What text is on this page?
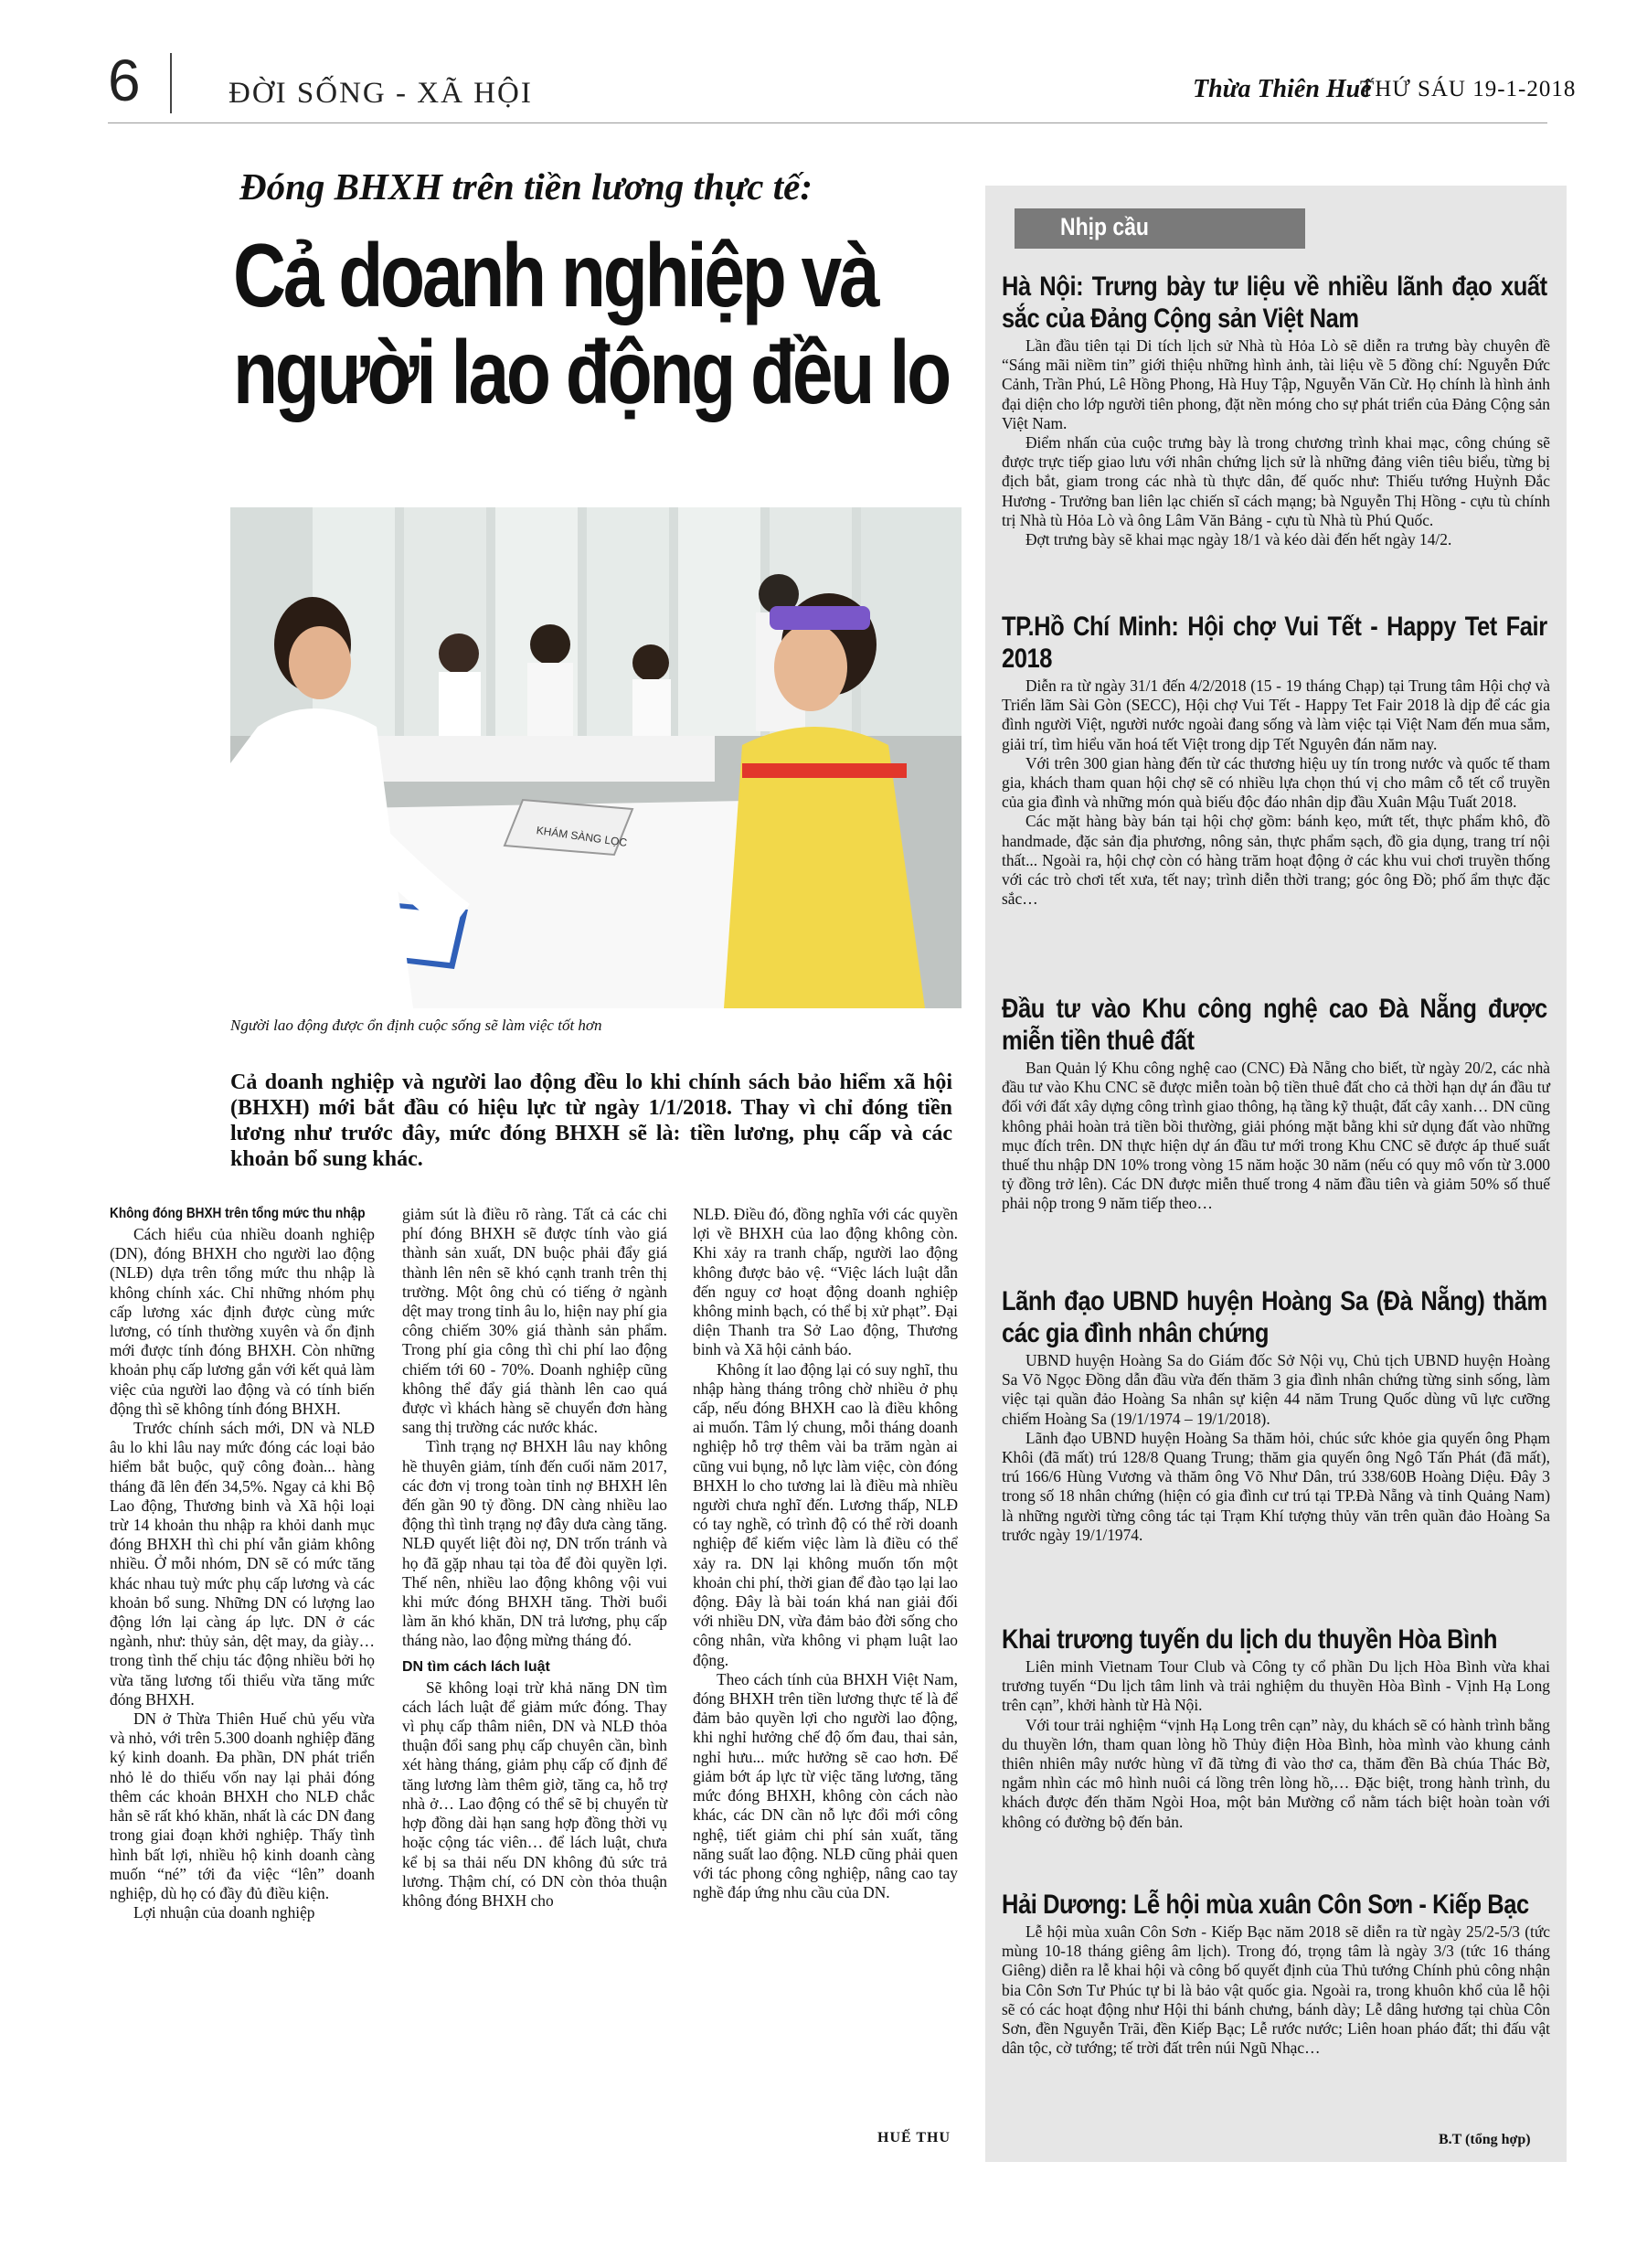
6	ĐỜI SỐNG - XÃ HỘI	Thừa Thiên Huế
THỨ SÁU 19-1-2018
Đóng BHXH trên tiền lương thực tế:
Cả doanh nghiệp và
người lao động đều lo
KHÁM SÀNG LỌC
Người lao động được ổn định cuộc sống sẽ làm việc tốt hơn
Cả doanh nghiệp và người lao động đều lo khi chính sách bảo hiểm xã hội (BHXH) mới bắt đầu có hiệu lực từ ngày 1/1/2018. Thay vì chỉ đóng tiền lương như trước đây, mức đóng BHXH sẽ là: tiền lương, phụ cấp và các khoản bổ sung khác.
Không đóng BHXH trên tổng mức thu nhập

Cách hiểu của nhiều doanh nghiệp (DN), đóng BHXH cho người lao động (NLĐ) dựa trên tổng mức thu nhập là không chính xác. Chỉ những nhóm phụ cấp lương xác định được cùng mức lương, có tính thường xuyên và ổn định mới được tính đóng BHXH. Còn những khoản phụ cấp lương gắn với kết quả làm việc của người lao động và có tính biến động thì sẽ không tính đóng BHXH.

Trước chính sách mới, DN và NLĐ âu lo khi lâu nay mức đóng các loại bảo hiểm bắt buộc, quỹ công đoàn... hàng tháng đã lên đến 34,5%. Ngay cả khi Bộ Lao động, Thương binh và Xã hội loại trừ 14 khoản thu nhập ra khỏi danh mục đóng BHXH thì chi phí vẫn giảm không nhiều. Ở mỗi nhóm, DN sẽ có mức tăng khác nhau tuỳ mức phụ cấp lương và các khoản bổ sung. Những DN có lượng lao động lớn lại càng áp lực. DN ở các ngành, như: thủy sản, dệt may, da giày…trong tình thế chịu tác động nhiều bởi họ vừa tăng lương tối thiểu vừa tăng mức đóng BHXH.

DN ở Thừa Thiên Huế chủ yếu vừa và nhỏ, với trên 5.300 doanh nghiệp đăng ký kinh doanh. Đa phần, DN phát triển nhỏ lẻ do thiếu vốn nay lại phải đóng thêm các khoản BHXH cho NLĐ chắc hẳn sẽ rất khó khăn, nhất là các DN đang trong giai đoạn khởi nghiệp. Thấy tình hình bất lợi, nhiều hộ kinh doanh càng muốn “né” tới đa việc “lên” doanh nghiệp, dù họ có đầy đủ điều kiện.

Lợi nhuận của doanh nghiệp

giảm sút là điều rõ ràng. Tất cả các chi phí đóng BHXH sẽ được tính vào giá thành sản xuất, DN buộc phải đẩy giá thành lên nên sẽ khó cạnh tranh trên thị trường. Một ông chủ có tiếng ở ngành dệt may trong tỉnh âu lo, hiện nay phí gia công chiếm 30% giá thành sản phẩm. Trong phí gia công thì chi phí lao động chiếm tới 60 - 70%. Doanh nghiệp cũng không thể đẩy giá thành lên cao quá được vì khách hàng sẽ chuyển đơn hàng sang thị trường các nước khác.

Tình trạng nợ BHXH lâu nay không hề thuyên giảm, tính đến cuối năm 2017, các đơn vị trong toàn tỉnh nợ BHXH lên đến gần 90 tỷ đồng. DN càng nhiều lao động thì tình trạng nợ đây dưa càng tăng. NLĐ quyết liệt đòi nợ, DN trốn tránh và họ đã gặp nhau tại tòa để đòi quyền lợi. Thế nên, nhiều lao động không vội vui khi mức đóng BHXH tăng. Thời buổi làm ăn khó khăn, DN trả lương, phụ cấp tháng nào, lao động mừng tháng đó.

DN tìm cách lách luật

Sẽ không loại trừ khả năng DN tìm cách lách luật để giảm mức đóng. Thay vì phụ cấp thâm niên, DN và NLĐ thỏa thuận đổi sang phụ cấp chuyên cần, bình xét hàng tháng, giảm phụ cấp cố định để tăng lương làm thêm giờ, tăng ca, hỗ trợ nhà ở… Lao động có thể sẽ bị chuyển từ hợp đồng dài hạn sang hợp đồng thời vụ hoặc cộng tác viên… để lách luật, chưa kể bị sa thải nếu DN không đủ sức trả lương. Thậm chí, có DN còn thỏa thuận không đóng BHXH cho

NLĐ. Điều đó, đồng nghĩa với các quyền lợi về BHXH của lao động không còn. Khi xảy ra tranh chấp, người lao động không được bảo vệ. “Việc lách luật dẫn đến nguy cơ hoạt động doanh nghiệp không minh bạch, có thể bị xử phạt”. Đại diện Thanh tra Sở Lao động, Thương binh và Xã hội cảnh báo.

Không ít lao động lại có suy nghĩ, thu nhập hàng tháng trông chờ nhiều ở phụ cấp, nếu đóng BHXH cao là điều không ai muốn. Tâm lý chung, mỗi tháng doanh nghiệp hỗ trợ thêm vài ba trăm ngàn ai cũng vui bụng, nỗ lực làm việc, còn đóng BHXH lo cho tương lai là điều mà nhiều người chưa nghĩ đến. Lương thấp, NLĐ có tay nghề, có trình độ có thể rời doanh nghiệp để kiếm việc làm là điều có thể xảy ra. DN lại không muốn tốn một khoản chi phí, thời gian để đào tạo lại lao động. Đây là bài toán khá nan giải đối với nhiều DN, vừa đảm bảo đời sống cho công nhân, vừa không vi phạm luật lao động.

Theo cách tính của BHXH Việt Nam, đóng BHXH trên tiền lương thực tế là để đảm bảo quyền lợi cho người lao động, khi nghỉ hưởng chế độ ốm đau, thai sản, nghỉ hưu... mức hưởng sẽ cao hơn. Để giảm bớt áp lực từ việc tăng lương, tăng mức đóng BHXH, không còn cách nào khác, các DN cần nỗ lực đổi mới công nghệ, tiết giảm chi phí sản xuất, tăng năng suất lao động. NLĐ cũng phải quen với tác phong công nghiệp, nâng cao tay nghề đáp ứng nhu cầu của DN.

HUẾ THU
Nhịp cầu
Hà Nội: Trưng bày tư liệu về nhiều lãnh đạo xuất sắc của Đảng Cộng sản Việt Nam

Lần đầu tiên tại Di tích lịch sử Nhà tù Hỏa Lò sẽ diễn ra trưng bày chuyên đề “Sáng mãi niềm tin” giới thiệu những hình ảnh, tài liệu về 5 đồng chí: Nguyễn Đức Cảnh, Trần Phú, Lê Hồng Phong, Hà Huy Tập, Nguyễn Văn Cừ. Họ chính là hình ảnh đại diện cho lớp người tiên phong, đặt nền móng cho sự phát triển của Đảng Cộng sản Việt Nam.

Điểm nhấn của cuộc trưng bày là trong chương trình khai mạc, công chúng sẽ được trực tiếp giao lưu với nhân chứng lịch sử là những đảng viên tiêu biểu, từng bị địch bắt, giam trong các nhà tù thực dân, đế quốc như: Thiếu tướng Huỳnh Đắc Hương - Trưởng ban liên lạc chiến sĩ cách mạng; bà Nguyễn Thị Hồng - cựu tù chính trị Nhà tù Hỏa Lò và ông Lâm Văn Bảng - cựu tù Nhà tù Phú Quốc.

Đợt trưng bày sẽ khai mạc ngày 18/1 và kéo dài đến hết ngày 14/2.

TP.Hồ Chí Minh: Hội chợ Vui Tết - Happy Tet Fair 2018

Diễn ra từ ngày 31/1 đến 4/2/2018 (15 - 19 tháng Chạp) tại Trung tâm Hội chợ và Triển lãm Sài Gòn (SECC), Hội chợ Vui Tết - Happy Tet Fair 2018 là dịp để các gia đình người Việt, người nước ngoài đang sống và làm việc tại Việt Nam đến mua sắm, giải trí, tìm hiểu văn hoá tết Việt trong dịp Tết Nguyên đán năm nay.

Với trên 300 gian hàng đến từ các thương hiệu uy tín trong nước và quốc tế tham gia, khách tham quan hội chợ sẽ có nhiều lựa chọn thú vị cho mâm cỗ tết cổ truyền của gia đình và những món quà biếu độc đáo nhân dịp đầu Xuân Mậu Tuất 2018.

Các mặt hàng bày bán tại hội chợ gồm: bánh kẹo, mứt tết, thực phẩm khô, đồ handmade, đặc sản địa phương, nông sản, thực phẩm sạch, đồ gia dụng, trang trí nội thất... Ngoài ra, hội chợ còn có hàng trăm hoạt động ở các khu vui chơi truyền thống với các trò chơi tết xưa, tết nay; trình diễn thời trang; góc ông Đồ; phố ẩm thực đặc sắc…

Đầu tư vào Khu công nghệ cao Đà Nẵng được miễn tiền thuê đất

Ban Quản lý Khu công nghệ cao (CNC) Đà Nẵng cho biết, từ ngày 20/2, các nhà đầu tư vào Khu CNC sẽ được miễn toàn bộ tiền thuê đất cho cả thời hạn dự án đầu tư đối với đất xây dựng công trình giao thông, hạ tầng kỹ thuật, đất cây xanh… DN cũng không phải hoàn trả tiền bồi thường, giải phóng mặt bằng khi sử dụng đất vào những mục đích trên. DN thực hiện dự án đầu tư mới trong Khu CNC sẽ được áp thuế suất thuế thu nhập DN 10% trong vòng 15 năm hoặc 30 năm (nếu có quy mô vốn từ 3.000 tỷ đồng trở lên). Các DN được miễn thuế trong 4 năm đầu tiên và giảm 50% số thuế phải nộp trong 9 năm tiếp theo…

Lãnh đạo UBND huyện Hoàng Sa (Đà Nẵng) thăm các gia đình nhân chứng

UBND huyện Hoàng Sa do Giám đốc Sở Nội vụ, Chủ tịch UBND huyện Hoàng Sa Võ Ngọc Đồng dẫn đầu vừa đến thăm 3 gia đình nhân chứng từng sinh sống, làm việc tại quần đảo Hoàng Sa nhân sự kiện 44 năm Trung Quốc dùng vũ lực cưỡng chiếm Hoàng Sa (19/1/1974 – 19/1/2018).

Lãnh đạo UBND huyện Hoàng Sa thăm hỏi, chúc sức khỏe gia quyến ông Phạm Khôi (đã mất) trú 128/8 Quang Trung; thăm gia quyến ông Ngô Tấn Phát (đã mất), trú 166/6 Hùng Vương và thăm ông Võ Như Dân, trú 338/60B Hoàng Diệu. Đây 3 trong số 18 nhân chứng (hiện có gia đình cư trú tại TP.Đà Nẵng và tỉnh Quảng Nam) là những người từng công tác tại Trạm Khí tượng thủy văn trên quần đảo Hoàng Sa trước ngày 19/1/1974.

Khai trương tuyến du lịch du thuyền Hòa Bình

Liên minh Vietnam Tour Club và Công ty cổ phần Du lịch Hòa Bình vừa khai trương tuyến “Du lịch tâm linh và trải nghiệm du thuyền Hòa Bình - Vịnh Hạ Long trên cạn”, khởi hành từ Hà Nội.

Với tour trải nghiệm “vịnh Hạ Long trên cạn” này, du khách sẽ có hành trình bằng du thuyền lớn, tham quan lòng hồ Thủy điện Hòa Bình, hòa mình vào khung cảnh thiên nhiên mây nước hùng vĩ đã từng đi vào thơ ca, thăm đền Bà chúa Thác Bờ, ngắm nhìn các mô hình nuôi cá lồng trên lòng hồ,… Đặc biệt, trong hành trình, du khách được đến thăm Ngòi Hoa, một bản Mường cổ nằm tách biệt hoàn toàn với không có đường bộ đến bản.

Hải Dương: Lễ hội mùa xuân Côn Sơn - Kiếp Bạc

Lễ hội mùa xuân Côn Sơn - Kiếp Bạc năm 2018 sẽ diễn ra từ ngày 25/2-5/3 (tức mùng 10-18 tháng giêng âm lịch). Trong đó, trọng tâm là ngày 3/3 (tức 16 tháng Giêng) diễn ra lễ khai hội và công bố quyết định của Thủ tướng Chính phủ công nhận bia Côn Sơn Tư Phúc tự bi là bảo vật quốc gia. Ngoài ra, trong khuôn khổ của lễ hội sẽ có các hoạt động như Hội thi bánh chưng, bánh dày; Lễ dâng hương tại chùa Côn Sơn, đền Nguyễn Trãi, đền Kiếp Bạc; Lễ rước nước; Liên hoan pháo đất; thi đấu vật dân tộc, cờ tướng; tế trời đất trên núi Ngũ Nhạc…

B.T (tổng hợp)
